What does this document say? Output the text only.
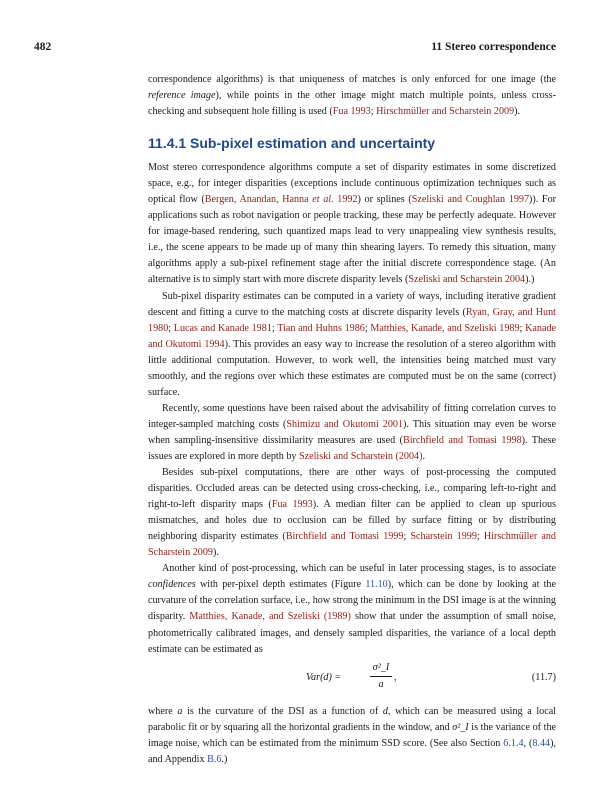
482	11 Stereo correspondence

correspondence algorithms) is that uniqueness of matches is only enforced for one image (the reference image), while points in the other image might match multiple points, unless cross-checking and subsequent hole filling is used (Fua 1993; Hirschmüller and Scharstein 2009).

11.4.1 Sub-pixel estimation and uncertainty

Most stereo correspondence algorithms compute a set of disparity estimates in some discretized space, e.g., for integer disparities (exceptions include continuous optimization techniques such as optical flow (Bergen, Anandan, Hanna et al. 1992) or splines (Szeliski and Coughlan 1997)). For applications such as robot navigation or people tracking, these may be perfectly adequate. However for image-based rendering, such quantized maps lead to very unappealing view synthesis results, i.e., the scene appears to be made up of many thin shearing layers. To remedy this situation, many algorithms apply a sub-pixel refinement stage after the initial discrete correspondence stage. (An alternative is to simply start with more discrete disparity levels (Szeliski and Scharstein 2004).)

Sub-pixel disparity estimates can be computed in a variety of ways, including iterative gradient descent and fitting a curve to the matching costs at discrete disparity levels (Ryan, Gray, and Hunt 1980; Lucas and Kanade 1981; Tian and Huhns 1986; Matthies, Kanade, and Szeliski 1989; Kanade and Okutomi 1994). This provides an easy way to increase the resolution of a stereo algorithm with little additional computation. However, to work well, the intensities being matched must vary smoothly, and the regions over which these estimates are computed must be on the same (correct) surface.

Recently, some questions have been raised about the advisability of fitting correlation curves to integer-sampled matching costs (Shimizu and Okutomi 2001). This situation may even be worse when sampling-insensitive dissimilarity measures are used (Birchfield and Tomasi 1998). These issues are explored in more depth by Szeliski and Scharstein (2004).

Besides sub-pixel computations, there are other ways of post-processing the computed disparities. Occluded areas can be detected using cross-checking, i.e., comparing left-to-right and right-to-left disparity maps (Fua 1993). A median filter can be applied to clean up spurious mismatches, and holes due to occlusion can be filled by surface fitting or by distributing neighboring disparity estimates (Birchfield and Tomasi 1999; Scharstein 1999; Hirschmüller and Scharstein 2009).

Another kind of post-processing, which can be useful in later processing stages, is to associate confidences with per-pixel depth estimates (Figure 11.10), which can be done by looking at the curvature of the correlation surface, i.e., how strong the minimum in the DSI image is at the winning disparity. Matthies, Kanade, and Szeliski (1989) show that under the assumption of small noise, photometrically calibrated images, and densely sampled disparities, the variance of a local depth estimate can be estimated as

Var(d) =	$\frac{\text{σ²\_I}}{a}$ ,	(11.7)

where a is the curvature of the DSI as a function of d, which can be measured using a local parabolic fit or by squaring all the horizontal gradients in the window, and σ²_I is the variance of the image noise, which can be estimated from the minimum SSD score. (See also Section 6.1.4, (8.44), and Appendix B.6.)
